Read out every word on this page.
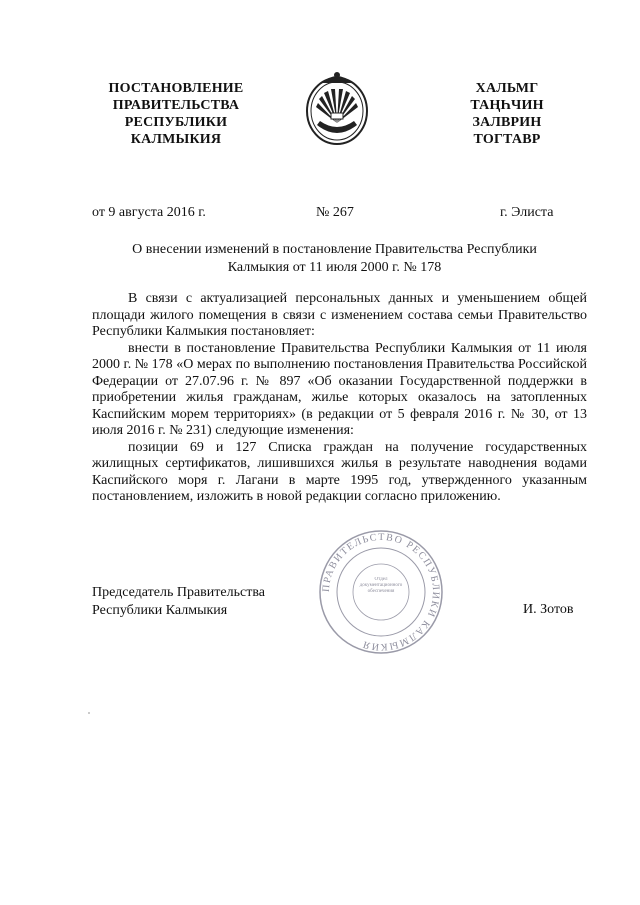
ПОСТАНОВЛЕНИЕ
ПРАВИТЕЛЬСТВА
РЕСПУБЛИКИ
КАЛМЫКИЯ
ХАЛЬМГ
ТАҢҺЧИН
ЗАЛВРИН
ТОГТАВР
от 9 августа 2016 г.	№ 267	г. Элиста
О внесении изменений в постановление Правительства Республики
Калмыкия от 11 июля 2000 г. № 178

В связи с актуализацией персональных данных и уменьшением общей площади жилого помещения в связи с изменением состава семьи Правительство Республики Калмыкия постановляет:

внести в постановление Правительства Республики Калмыкия от 11 июля 2000 г. № 178 «О мерах по выполнению постановления Правительства Российской Федерации от 27.07.96 г. № 897 «Об оказании Государственной поддержки в приобретении жилья гражданам, жилье которых оказалось на затопленных Каспийским морем территориях» (в редакции от 5 февраля 2016 г. № 30, от 13 июля 2016 г. № 231) следующие изменения:

позиции 69 и 127 Списка граждан на получение государственных жилищных сертификатов, лишившихся жилья в результате наводнения водами Каспийского моря г. Лагани в марте 1995 год, утвержденного указанным постановлением, изложить в новой редакции согласно приложению.

ПРАВИТЕЛЬСТВО РЕСПУБЛИКИ КАЛМЫКИЯ
Отдел документационного обеспечения
Председатель Правительства
Республики Калмыкия	И. Зотов
